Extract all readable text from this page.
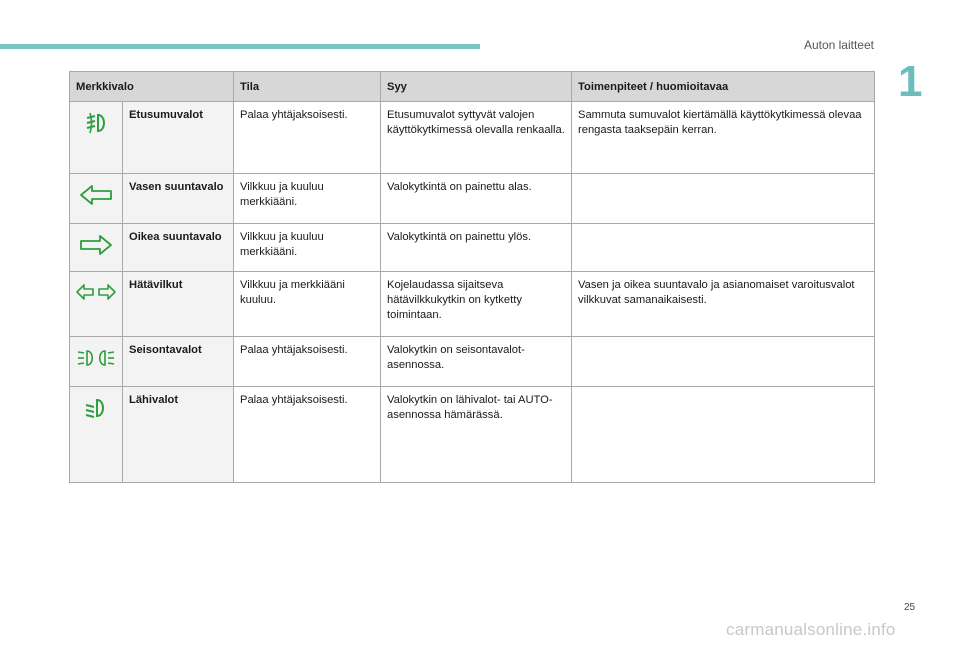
Auton laitteet
1
Merkkivalo		Tila	Syy	Toimenpiteet / huomioitavaa

	Etusumuvalot	Palaa yhtäjaksoisesti.	Etusumuvalot syttyvät valojen käyttökytkimessä olevalla renkaalla.	Sammuta sumuvalot kiertämällä käyttökytkimessä olevaa rengasta taaksepäin kerran.

	Vasen suuntavalo	Vilkkuu ja kuuluu merkkiääni.	Valokytkintä on painettu alas.	

	Oikea suuntavalo	Vilkkuu ja kuuluu merkkiääni.	Valokytkintä on painettu ylös.	

	Hätävilkut	Vilkkuu ja merkkiääni kuuluu.	Kojelaudassa sijaitseva hätävilkkukytkin on kytketty toimintaan.	Vasen ja oikea suuntavalo ja asianomaiset varoitusvalot vilkkuvat samanaikaisesti.

	Seisontavalot	Palaa yhtäjaksoisesti.	Valokytkin on seisontavalot-asennossa.	

	Lähivalot	Palaa yhtäjaksoisesti.	Valokytkin on lähivalot- tai AUTO-asennossa hämärässä.	
25
carmanualsonline.info
